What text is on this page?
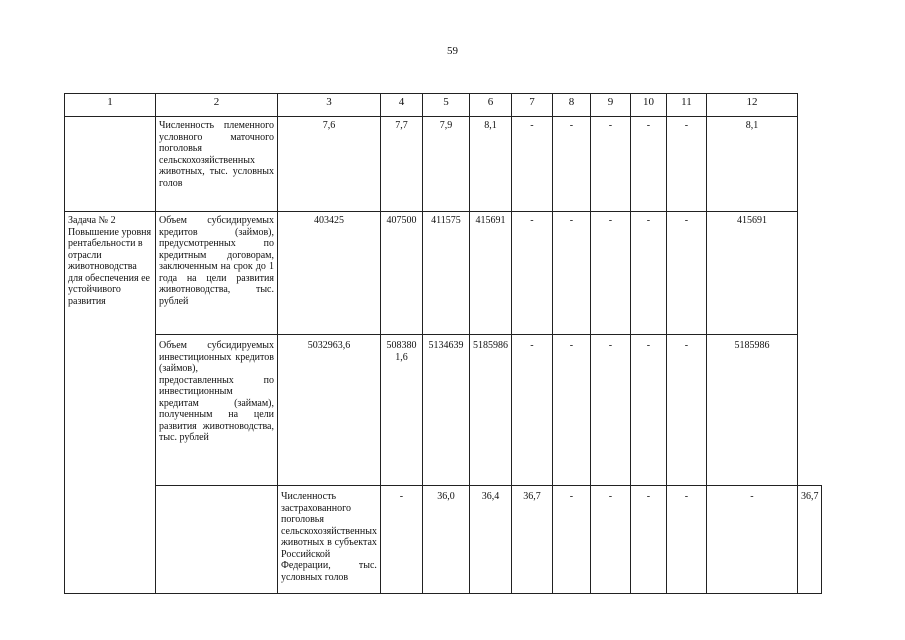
59
1	2	3	4	5	6	7	8	9	10	11	12	
	Численность племенного условного маточного поголовья сельскохозяйственных животных, тыс. условных голов	7,6	7,7	7,9	8,1	-	-	-	-	-	8,1	
Задача № 2 Повышение уровня рентабельности в отрасли животноводства для обеспечения ее устойчивого развития	Объем субсидируемых кредитов (займов), предусмотренных по кредитным договорам, заключенным на срок до 1 года на цели развития животноводства, тыс. рублей	403425	407500	411575	415691	-	-	-	-	-	415691	
	Объем субсидируемых инвестиционных кредитов (займов), предоставленных по инвестиционным кредитам (займам), полученным на цели развития животноводства, тыс. рублей	5032963,6	5083801,6	5134639	5185986	-	-	-	-	-	5185986	
		Численность застрахованного поголовья сельскохозяйственных животных в субъектах Российской Федерации, тыс. условных голов	-	36,0	36,4	36,7	-	-	-	-	-	36,7
